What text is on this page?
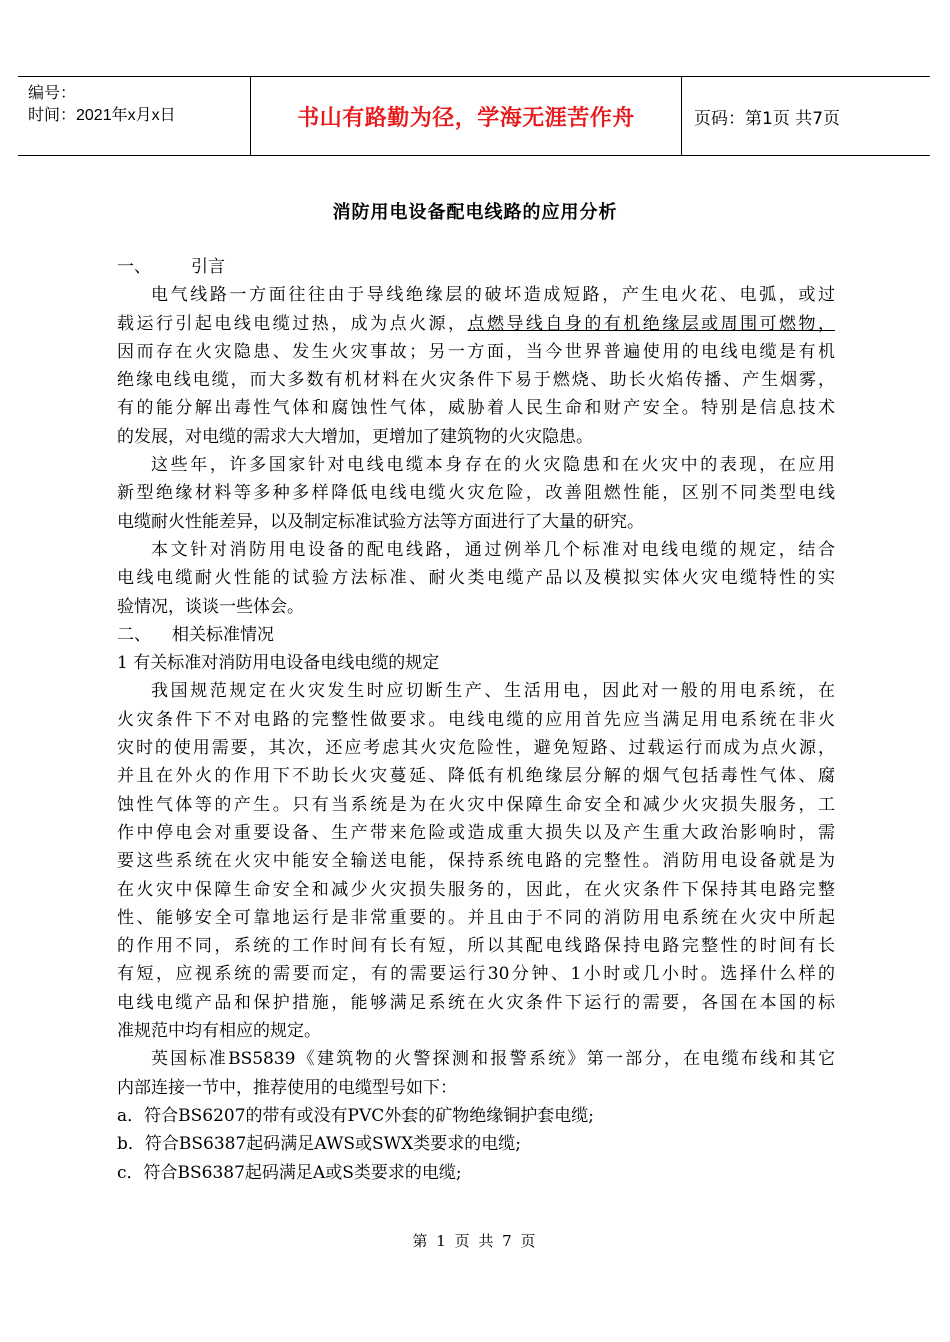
编号：
时间：2021年x月x日	书山有路勤为径，学海无涯苦作舟	页码：第1页 共7页
消防用电设备配电线路的应用分析
一、 引言
电气线路一方面往往由于导线绝缘层的破坏造成短路，产生电火花、电弧，或过
载运行引起电线电缆过热，成为点火源，点燃导线自身的有机绝缘层或周围可燃物，
因而存在火灾隐患、发生火灾事故；另一方面，当今世界普遍使用的电线电缆是有机
绝缘电线电缆，而大多数有机材料在火灾条件下易于燃烧、助长火焰传播、产生烟雾，
有的能分解出毒性气体和腐蚀性气体，威胁着人民生命和财产安全。特别是信息技术
的发展，对电缆的需求大大增加，更增加了建筑物的火灾隐患。
这些年，许多国家针对电线电缆本身存在的火灾隐患和在火灾中的表现，在应用
新型绝缘材料等多种多样降低电线电缆火灾危险，改善阻燃性能，区别不同类型电线
电缆耐火性能差异，以及制定标准试验方法等方面进行了大量的研究。
本文针对消防用电设备的配电线路，通过例举几个标准对电线电缆的规定，结合
电线电缆耐火性能的试验方法标准、耐火类电缆产品以及模拟实体火灾电缆特性的实
验情况，谈谈一些体会。
二、 相关标准情况
1 有关标准对消防用电设备电线电缆的规定
我国规范规定在火灾发生时应切断生产、生活用电，因此对一般的用电系统，在
火灾条件下不对电路的完整性做要求。电线电缆的应用首先应当满足用电系统在非火
灾时的使用需要，其次，还应考虑其火灾危险性，避免短路、过载运行而成为点火源，
并且在外火的作用下不助长火灾蔓延、降低有机绝缘层分解的烟气包括毒性气体、腐
蚀性气体等的产生。只有当系统是为在火灾中保障生命安全和减少火灾损失服务，工
作中停电会对重要设备、生产带来危险或造成重大损失以及产生重大政治影响时，需
要这些系统在火灾中能安全输送电能，保持系统电路的完整性。消防用电设备就是为
在火灾中保障生命安全和减少火灾损失服务的，因此，在火灾条件下保持其电路完整
性、能够安全可靠地运行是非常重要的。并且由于不同的消防用电系统在火灾中所起
的作用不同，系统的工作时间有长有短，所以其配电线路保持电路完整性的时间有长
有短，应视系统的需要而定，有的需要运行30分钟、1小时或几小时。选择什么样的
电线电缆产品和保护措施，能够满足系统在火灾条件下运行的需要，各国在本国的标
准规范中均有相应的规定。
英国标准BS5839《建筑物的火警探测和报警系统》第一部分，在电缆布线和其它
内部连接一节中，推荐使用的电缆型号如下：
a．符合BS6207的带有或没有PVC外套的矿物绝缘铜护套电缆;
b．符合BS6387起码满足AWS或SWX类要求的电缆;
c．符合BS6387起码满足A或S类要求的电缆;
第 1 页 共 7 页
